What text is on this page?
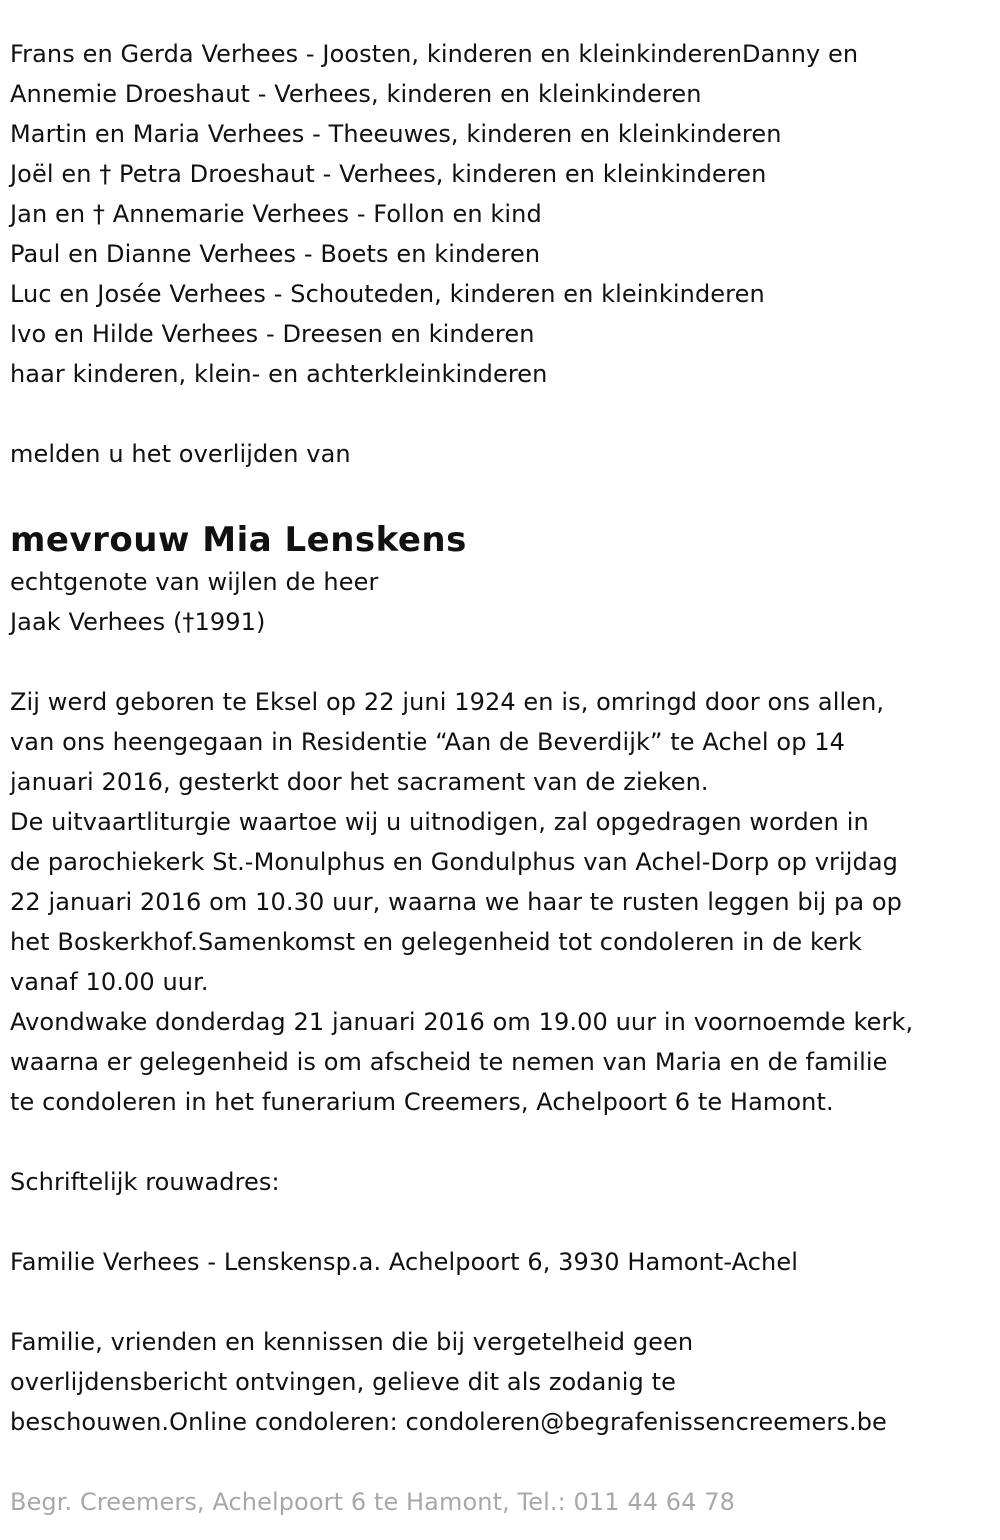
Frans en Gerda Verhees - Joosten, kinderen en kleinkinderenDanny en
Annemie Droeshaut - Verhees, kinderen en kleinkinderen
Martin en Maria Verhees - Theeuwes, kinderen en kleinkinderen
Joël en † Petra Droeshaut - Verhees, kinderen en kleinkinderen
Jan en † Annemarie Verhees - Follon en kind
Paul en Dianne Verhees - Boets en kinderen
Luc en Josée Verhees - Schouteden, kinderen en kleinkinderen
Ivo en Hilde Verhees - Dreesen en kinderen
haar kinderen, klein- en achterkleinkinderen
melden u het overlijden van
mevrouw Mia Lenskens
echtgenote van wijlen de heer
Jaak Verhees (†1991)
Zij werd geboren te Eksel op 22 juni 1924 en is, omringd door ons allen,
van ons heengegaan in Residentie “Aan de Beverdijk” te Achel op 14
januari 2016, gesterkt door het sacrament van de zieken.
De uitvaartliturgie waartoe wij u uitnodigen, zal opgedragen worden in
de parochiekerk St.-Monulphus en Gondulphus van Achel-Dorp op vrijdag
22 januari 2016 om 10.30 uur, waarna we haar te rusten leggen bij pa op
het Boskerkhof.Samenkomst en gelegenheid tot condoleren in de kerk
vanaf 10.00 uur.
Avondwake donderdag 21 januari 2016 om 19.00 uur in voornoemde kerk,
waarna er gelegenheid is om afscheid te nemen van Maria en de familie
te condoleren in het funerarium Creemers, Achelpoort 6 te Hamont.
Schriftelijk rouwadres:
Familie Verhees - Lenskensp.a. Achelpoort 6, 3930 Hamont-Achel
Familie, vrienden en kennissen die bij vergetelheid geen
overlijdensbericht ontvingen, gelieve dit als zodanig te
beschouwen.Online condoleren: condoleren@begrafenissencreemers.be
Begr. Creemers, Achelpoort 6 te Hamont, Tel.: 011 44 64 78
